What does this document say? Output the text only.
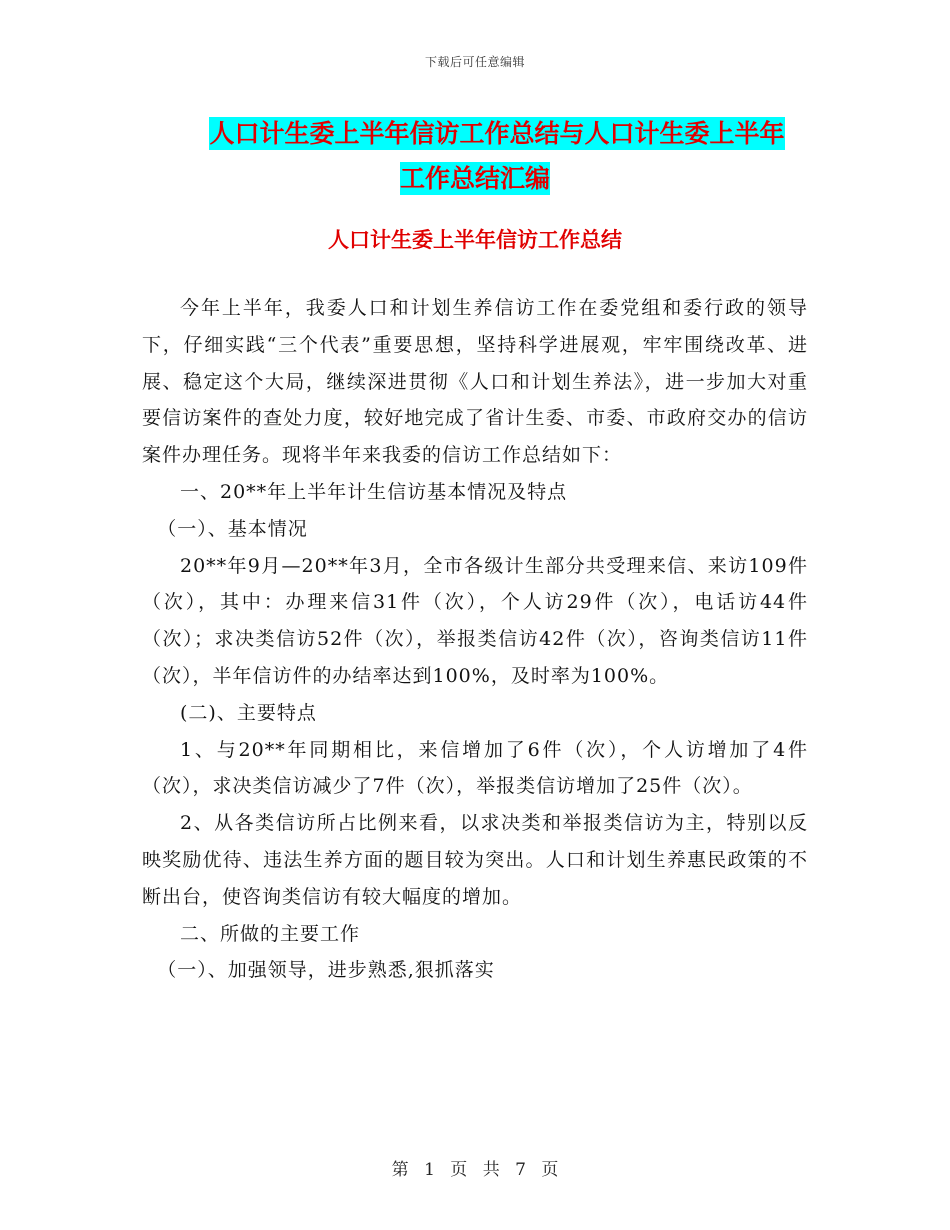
下载后可任意编辑
人口计生委上半年信访工作总结与人口计生委上半年
工作总结汇编
人口计生委上半年信访工作总结

今年上半年，我委人口和计划生养信访工作在委党组和委行政的领导下，仔细实践“三个代表”重要思想，坚持科学进展观，牢牢围绕改革、进展、稳定这个大局，继续深进贯彻《人口和计划生养法》，进一步加大对重要信访案件的查处力度，较好地完成了省计生委、市委、市政府交办的信访案件办理任务。现将半年来我委的信访工作总结如下：

一、20**年上半年计生信访基本情况及特点

（一）、基本情况

20**年9月—20**年3月，全市各级计生部分共受理来信、来访109件（次），其中：办理来信31件（次），个人访29件（次），电话访44件（次）；求决类信访52件（次），举报类信访42件（次），咨询类信访11件（次），半年信访件的办结率达到100%，及时率为100%。

(二)、主要特点

1、与20**年同期相比，来信增加了6件（次），个人访增加了4件（次），求决类信访减少了7件（次），举报类信访增加了25件（次）。

2、从各类信访所占比例来看，以求决类和举报类信访为主，特别以反映奖励优待、违法生养方面的题目较为突出。人口和计划生养惠民政策的不断出台，使咨询类信访有较大幅度的增加。

二、所做的主要工作

（一）、加强领导，进步熟悉,狠抓落实

第 1 页 共 7 页
